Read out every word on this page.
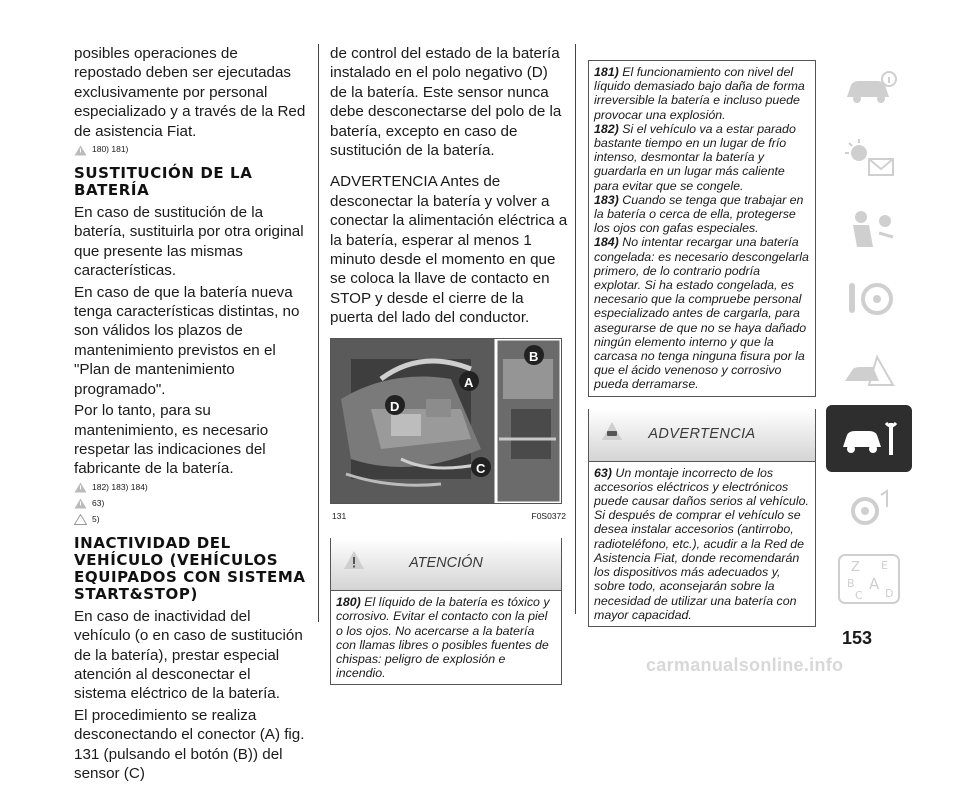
posibles operaciones de repostado deben ser ejecutadas exclusivamente por personal especializado y a través de la Red de asistencia Fiat.

180) 181)
SUSTITUCIÓN DE LA BATERÍA

En caso de sustitución de la batería, sustituirla por otra original que presente las mismas características.

En caso de que la batería nueva tenga características distintas, no son válidos los plazos de mantenimiento previstos en el "Plan de mantenimiento programado".

Por lo tanto, para su mantenimiento, es necesario respetar las indicaciones del fabricante de la batería.

182) 183) 184)
63)
5)
INACTIVIDAD DEL VEHÍCULO (VEHÍCULOS EQUIPADOS CON SISTEMA START&STOP)

En caso de inactividad del vehículo (o en caso de sustitución de la batería), prestar especial atención al desconectar el sistema eléctrico de la batería.

El procedimiento se realiza desconectando el conector (A) fig. 131 (pulsando el botón (B)) del sensor (C)

de control del estado de la batería instalado en el polo negativo (D) de la batería. Este sensor nunca debe desconectarse del polo de la batería, excepto en caso de sustitución de la batería.

ADVERTENCIA Antes de desconectar la batería y volver a conectar la alimentación eléctrica a la batería, esperar al menos 1 minuto desde el momento en que se coloca la llave de contacto en STOP y desde el cierre de la puerta del lado del conductor.

A
B
D
C
131	F0S0372
ATENCIÓN

180) El líquido de la batería es tóxico y corrosivo. Evitar el contacto con la piel o los ojos. No acercarse a la batería con llamas libres o posibles fuentes de chispas: peligro de explosión e incendio.

181) El funcionamiento con nivel del líquido demasiado bajo daña de forma irreversible la batería e incluso puede provocar una explosión.

182) Si el vehículo va a estar parado bastante tiempo en un lugar de frío intenso, desmontar la batería y guardarla en un lugar más caliente para evitar que se congele.

183) Cuando se tenga que trabajar en la batería o cerca de ella, protegerse los ojos con gafas especiales.

184) No intentar recargar una batería congelada: es necesario descongelarla primero, de lo contrario podría explotar. Si ha estado congelada, es necesario que la compruebe personal especializado antes de cargarla, para asegurarse de que no se haya dañado ningún elemento interno y que la carcasa no tenga ninguna fisura por la que el ácido venenoso y corrosivo pueda derramarse.

ADVERTENCIA

63) Un montaje incorrecto de los accesorios eléctricos y electrónicos puede causar daños serios al vehículo. Si después de comprar el vehículo se desea instalar accesorios (antirrobo, radioteléfono, etc.), acudir a la Red de Asistencia Fiat, donde recomendarán los dispositivos más adecuados y, sobre todo, aconsejarán sobre la necesidad de utilizar una batería con mayor capacidad.

Z E
B A
C D
153
carmanualsonline.info
